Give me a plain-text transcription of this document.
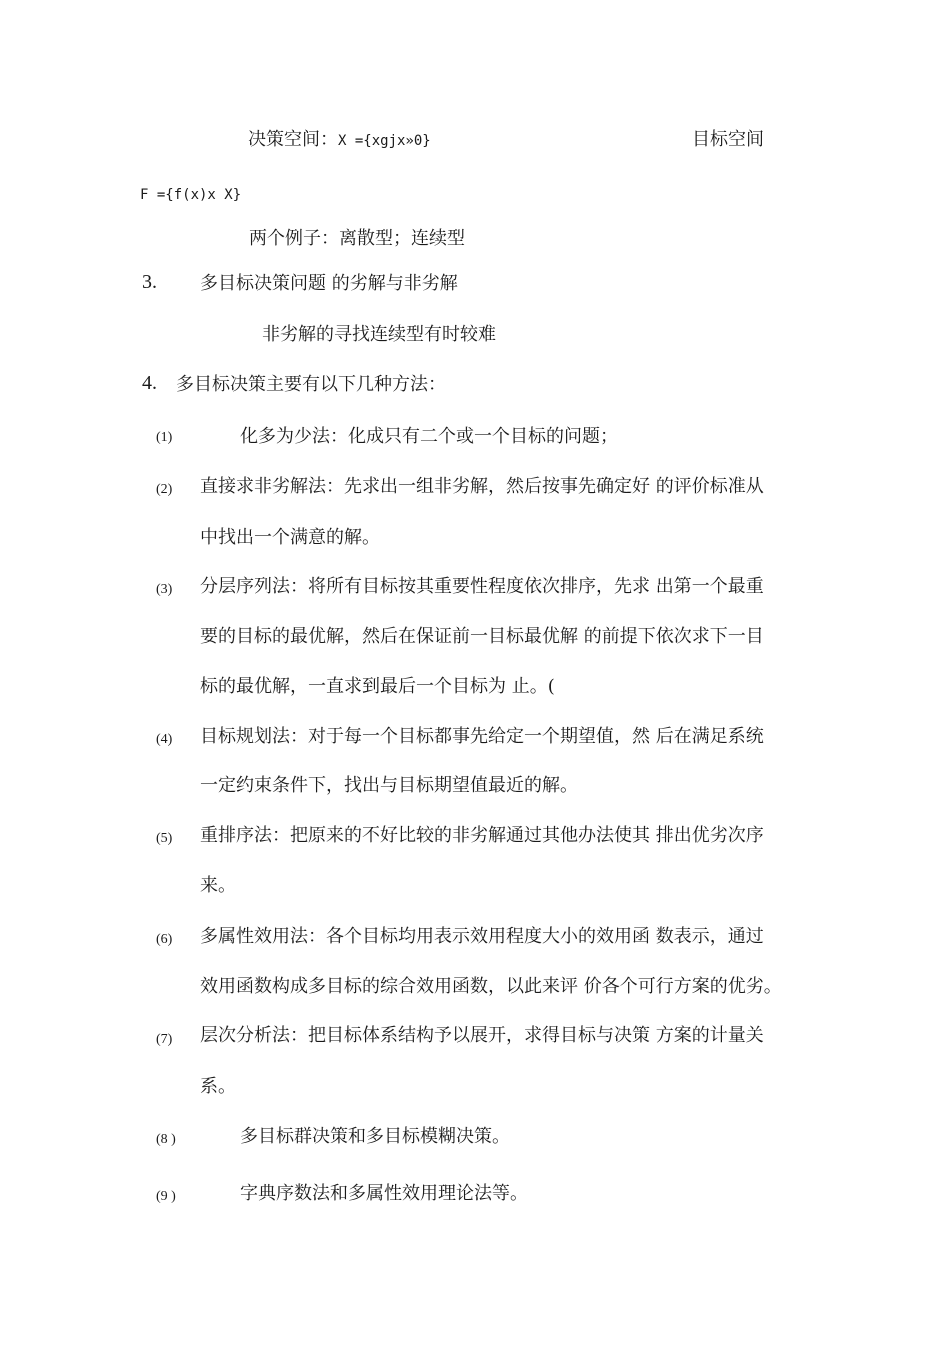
决策空间：X ={xgjx»0}	目标空间
F ={f(x)x X}
两个例子：离散型；连续型
3. 多目标决策问题 的劣解与非劣解
非劣解的寻找连续型有时较难
4. 多目标决策主要有以下几种方法：
(1)	化多为少法：化成只有二个或一个目标的问题；
(2) 直接求非劣解法：先求出一组非劣解，然后按事先确定好 的评价标准从
中找出一个满意的解。
(3) 分层序列法：将所有目标按其重要性程度依次排序，先求 出第一个最重
要的目标的最优解，然后在保证前一目标最优解 的前提下依次求下一目
标的最优解，一直求到最后一个目标为 止。(
(4) 目标规划法：对于每一个目标都事先给定一个期望值，然 后在满足系统
一定约束条件下，找出与目标期望值最近的解。
(5) 重排序法：把原来的不好比较的非劣解通过其他办法使其 排出优劣次序
来。
(6) 多属性效用法：各个目标均用表示效用程度大小的效用函 数表示，通过
效用函数构成多目标的综合效用函数，以此来评 价各个可行方案的优劣。
(7) 层次分析法：把目标体系结构予以展开，求得目标与决策 方案的计量关
系。
(8 )	多目标群决策和多目标模糊决策。
(9 )	字典序数法和多属性效用理论法等。
